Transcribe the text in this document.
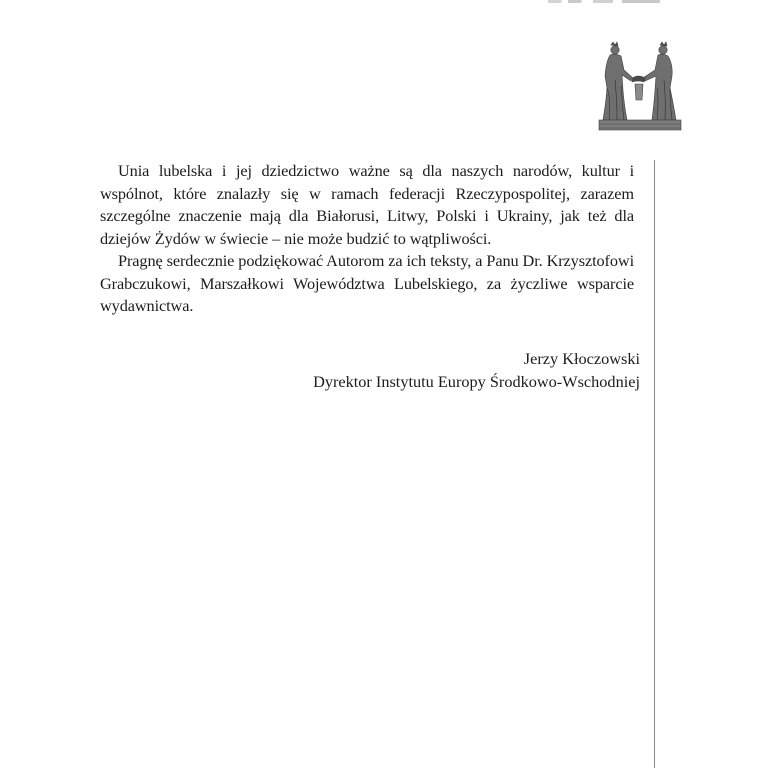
Unia lubelska i jej dziedzictwo ważne są dla naszych narodów, kultur i wspólnot, które znalazły się w ramach federacji Rzeczypospolitej, zarazem szczególne znaczenie mają dla Białorusi, Litwy, Polski i Ukrainy, jak też dla dziejów Żydów w świecie – nie może budzić to wątpliwości.

Pragnę serdecznie podziękować Autorom za ich teksty, a Panu Dr. Krzysztofowi Grabczukowi, Marszałkowi Województwa Lubelskiego, za życzliwe wsparcie wydawnictwa.

Jerzy Kłoczowski
Dyrektor Instytutu Europy Środkowo-Wschodniej
